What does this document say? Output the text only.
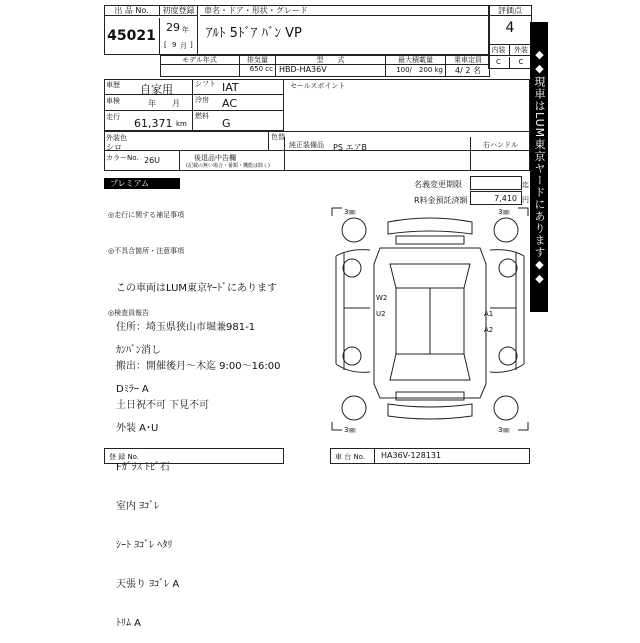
出 品 No.
45021
初度登録
29 年
[ 9 月 ]
車名・ドア・形状・グレード
ｱﾙﾄ 5ﾄﾞｱ ﾊﾞﾝ VP
評価点
4
内装	外装
C	C
モデル年式	排気量	型　　式	最大積載量	乗車定員
650 cc HBD-HA36V	100/　200 kg	4/ 2 名
車歴 自家用	シフト IAT
車検	年　　月	冷房 AC
走行 61,371 km
燃料
G
セールスポイント
外装色
シロ
色替
カラーNo. 26U	後退品中告欄
(記載の無い場合・番類・機能は除く)
純正装備品 PS エアB	右ハンドル
プレミアム	名義変更期限	迄
R料金預託済額	7,410 円
◎走行に関する補足事項
◎不具合箇所・注意事項

この車両はLUM東京ﾔｰﾄﾞにあります

住所：埼玉県狭山市堀兼981-1

搬出：開催後月～木迄 9:00～16:00

土日祝不可 下見不可

◎検査員報告

ｶﾝﾊﾞﾝ消し

Dﾐﾗｰ A

外装 A･U

Fｶﾞﾗｽ ﾄﾋﾞ石

室内 ﾖｺﾞﾚ

ｼｰﾄ ﾖｺﾞﾚ ﾍﾀﾘ

天張り ﾖｺﾞﾚ A

ﾄﾘﾑ A

3㎜	3㎜
3㎜	3㎜
W2
U2	A1
A2
◆◆現車はLUM東京ヤードにあります◆◆
登 録 No.	車 台 No.	HA36V-128131
